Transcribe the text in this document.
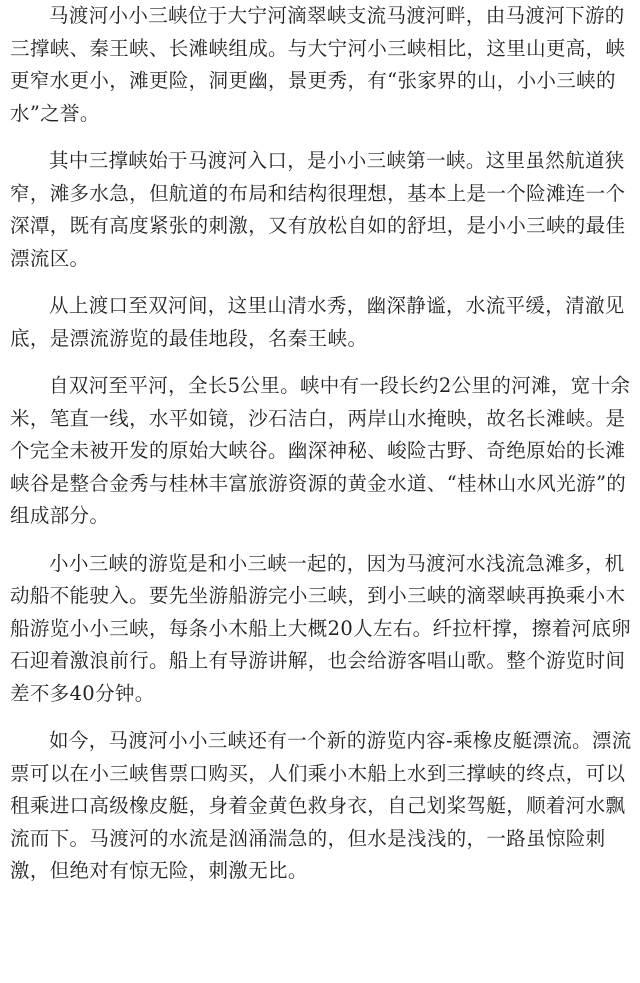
马渡河小小三峡位于大宁河滴翠峡支流马渡河畔，由马渡河下游的三撑峡、秦王峡、长滩峡组成。与大宁河小三峡相比，这里山更高，峡更窄水更小，滩更险，洞更幽，景更秀，有“张家界的山，小小三峡的水”之誉。

其中三撑峡始于马渡河入口，是小小三峡第一峡。这里虽然航道狭窄，滩多水急，但航道的布局和结构很理想，基本上是一个险滩连一个深潭，既有高度紧张的刺激，又有放松自如的舒坦，是小小三峡的最佳漂流区。

从上渡口至双河间，这里山清水秀，幽深静谧，水流平缓，清澈见底，是漂流游览的最佳地段，名秦王峡。

自双河至平河，全长5公里。峡中有一段长约2公里的河滩，宽十余米，笔直一线，水平如镜，沙石洁白，两岸山水掩映，故名长滩峡。是个完全未被开发的原始大峡谷。幽深神秘、峻险古野、奇绝原始的长滩峡谷是整合金秀与桂林丰富旅游资源的黄金水道、“桂林山水风光游”的组成部分。

小小三峡的游览是和小三峡一起的，因为马渡河水浅流急滩多，机动船不能驶入。要先坐游船游完小三峡，到小三峡的滴翠峡再换乘小木船游览小小三峡，每条小木船上大概20人左右。纤拉杆撑，擦着河底卵石迎着激浪前行。船上有导游讲解，也会给游客唱山歌。整个游览时间差不多40分钟。

如今，马渡河小小三峡还有一个新的游览内容-乘橡皮艇漂流。漂流票可以在小三峡售票口购买，人们乘小木船上水到三撑峡的终点，可以租乘进口高级橡皮艇，身着金黄色救身衣，自己划桨驾艇，顺着河水飘流而下。马渡河的水流是汹涌湍急的，但水是浅浅的，一路虽惊险刺激，但绝对有惊无险，刺激无比。
